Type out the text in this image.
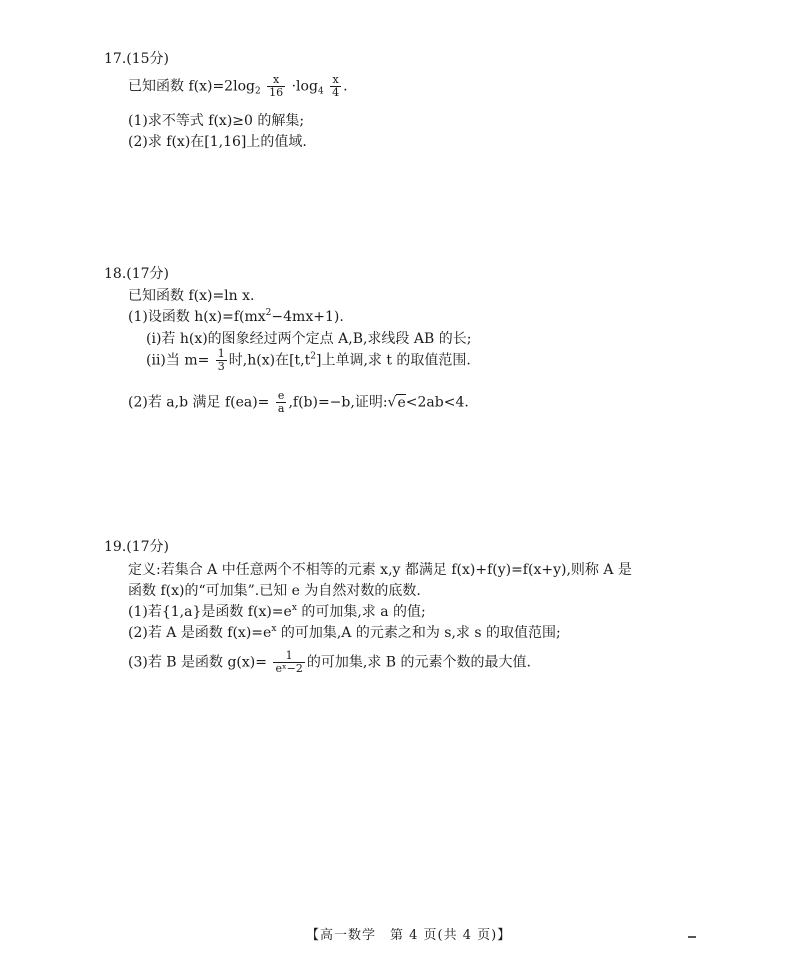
17.(15分)
已知函数 $f(x)=2\log_2 \frac{x}{16} \cdot\log_4 \frac{x}{4}$ .
(1)求不等式 f(x)≥0 的解集;
(2)求 f(x)在[1,16]上的值域.
18.(17分)
已知函数 f(x)=ln x.
(1)设函数 $h(x)=f(mx^2-4mx+1)$.
(ⅰ)若 h(x)的图象经过两个定点 A,B,求线段 AB 的长;
(ⅱ)当 $m= \frac{1}{3}$ 时,h(x)在$[t,t^2]$上单调,求 t 的取值范围.
(2)若 a,b 满足 $f(ea)= \frac{e}{a} ,f(b)=-b$,证明:√e<2ab<4.
19.(17分)
定义:若集合 A 中任意两个不相等的元素 x,y 都满足 f(x)+f(y)=f(x+y),则称 A 是
函数 f(x)的“可加集”.已知 e 为自然对数的底数.
(1)若{1,a}是函数 $f(x)=e^x$ 的可加集,求 a 的值;
(2)若 A 是函数 $f(x)=e^x$ 的可加集,A 的元素之和为 s,求 s 的取值范围;
(3)若 B 是函数 $g(x)= \frac{1}{\text{eˣ−2}}$ 的可加集,求 B 的元素个数的最大值.
【高一数学　第 4 页(共 4 页)】
